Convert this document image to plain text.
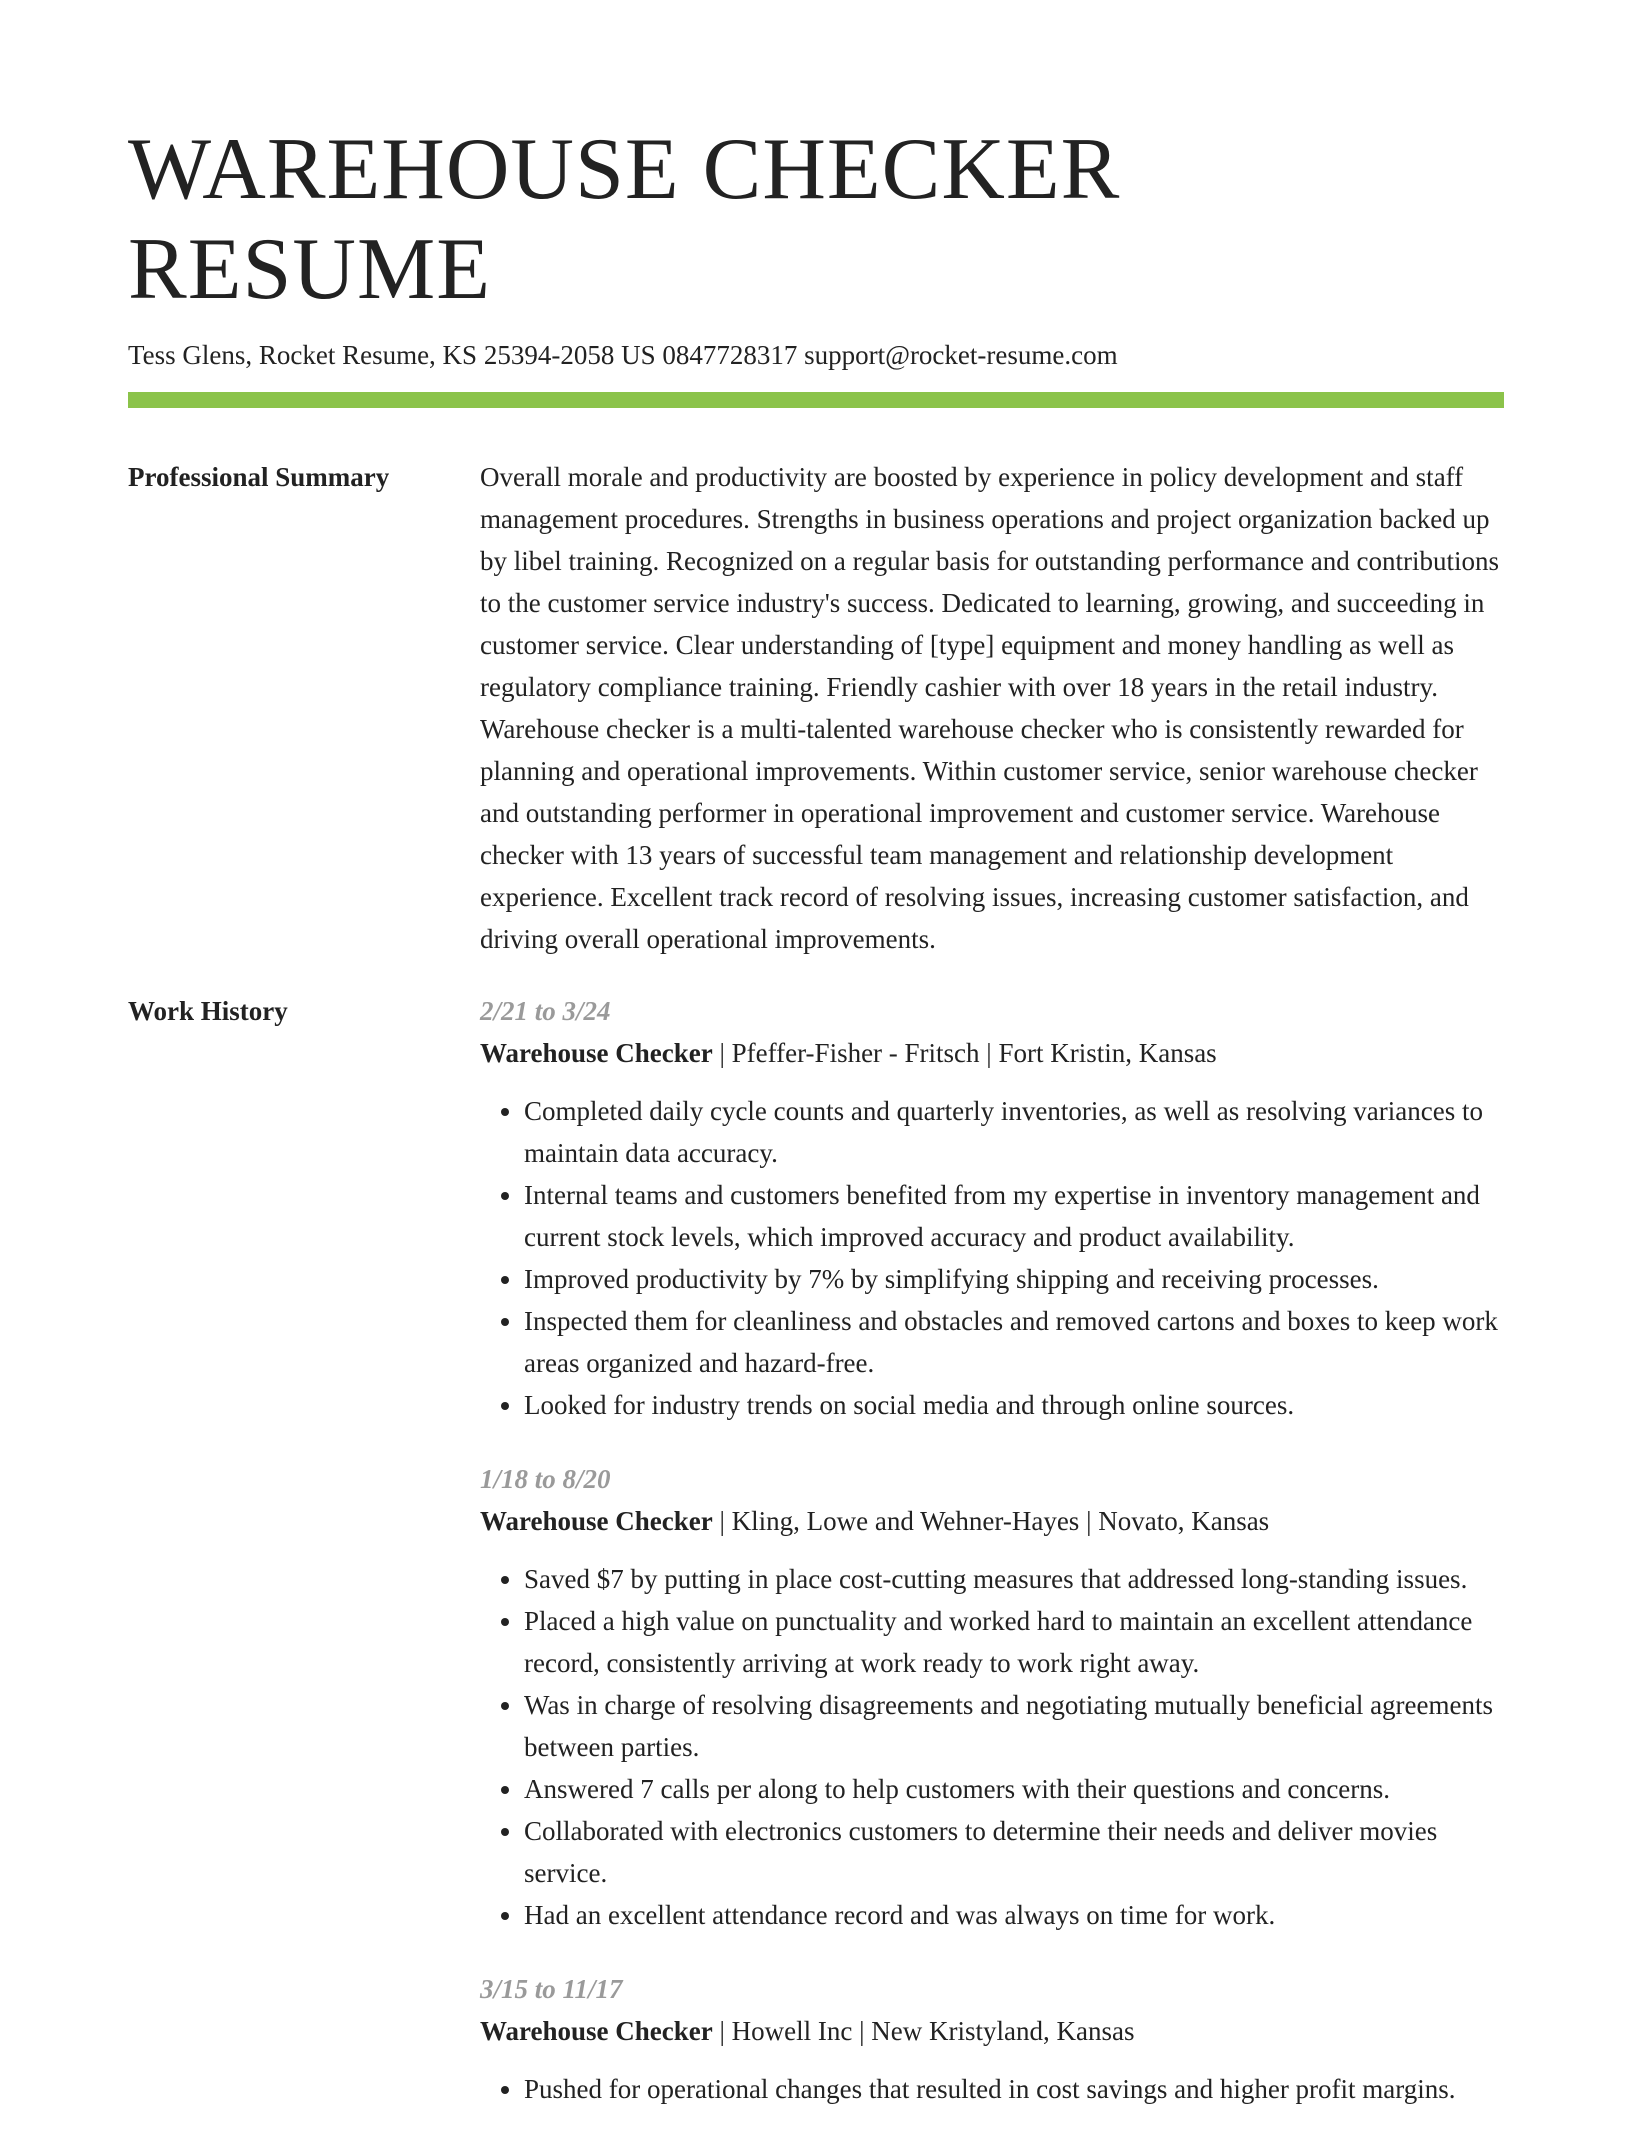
WAREHOUSE CHECKER RESUME
Tess Glens, Rocket Resume, KS 25394-2058 US 0847728317 support@rocket-resume.com
Professional Summary	Overall morale and productivity are boosted by experience in policy development and staff management procedures. Strengths in business operations and project organization backed up by libel training. Recognized on a regular basis for outstanding performance and contributions to the customer service industry's success. Dedicated to learning, growing, and succeeding in customer service. Clear understanding of [type] equipment and money handling as well as regulatory compliance training. Friendly cashier with over 18 years in the retail industry. Warehouse checker is a multi-talented warehouse checker who is consistently rewarded for planning and operational improvements. Within customer service, senior warehouse checker and outstanding performer in operational improvement and customer service. Warehouse checker with 13 years of successful team management and relationship development experience. Excellent track record of resolving issues, increasing customer satisfaction, and driving overall operational improvements.

Work History	2/21 to 3/24
Warehouse Checker | Pfeffer-Fisher - Fritsch | Fort Kristin, Kansas
• Completed daily cycle counts and quarterly inventories, as well as resolving variances to maintain data accuracy.
• Internal teams and customers benefited from my expertise in inventory management and current stock levels, which improved accuracy and product availability.
• Improved productivity by 7% by simplifying shipping and receiving processes.
• Inspected them for cleanliness and obstacles and removed cartons and boxes to keep work areas organized and hazard-free.
• Looked for industry trends on social media and through online sources.
1/18 to 8/20
Warehouse Checker | Kling, Lowe and Wehner-Hayes | Novato, Kansas
• Saved $7 by putting in place cost-cutting measures that addressed long-standing issues.
• Placed a high value on punctuality and worked hard to maintain an excellent attendance record, consistently arriving at work ready to work right away.
• Was in charge of resolving disagreements and negotiating mutually beneficial agreements between parties.
• Answered 7 calls per along to help customers with their questions and concerns.
• Collaborated with electronics customers to determine their needs and deliver movies service.
• Had an excellent attendance record and was always on time for work.
3/15 to 11/17
Warehouse Checker | Howell Inc | New Kristyland, Kansas
• Pushed for operational changes that resulted in cost savings and higher profit margins.
